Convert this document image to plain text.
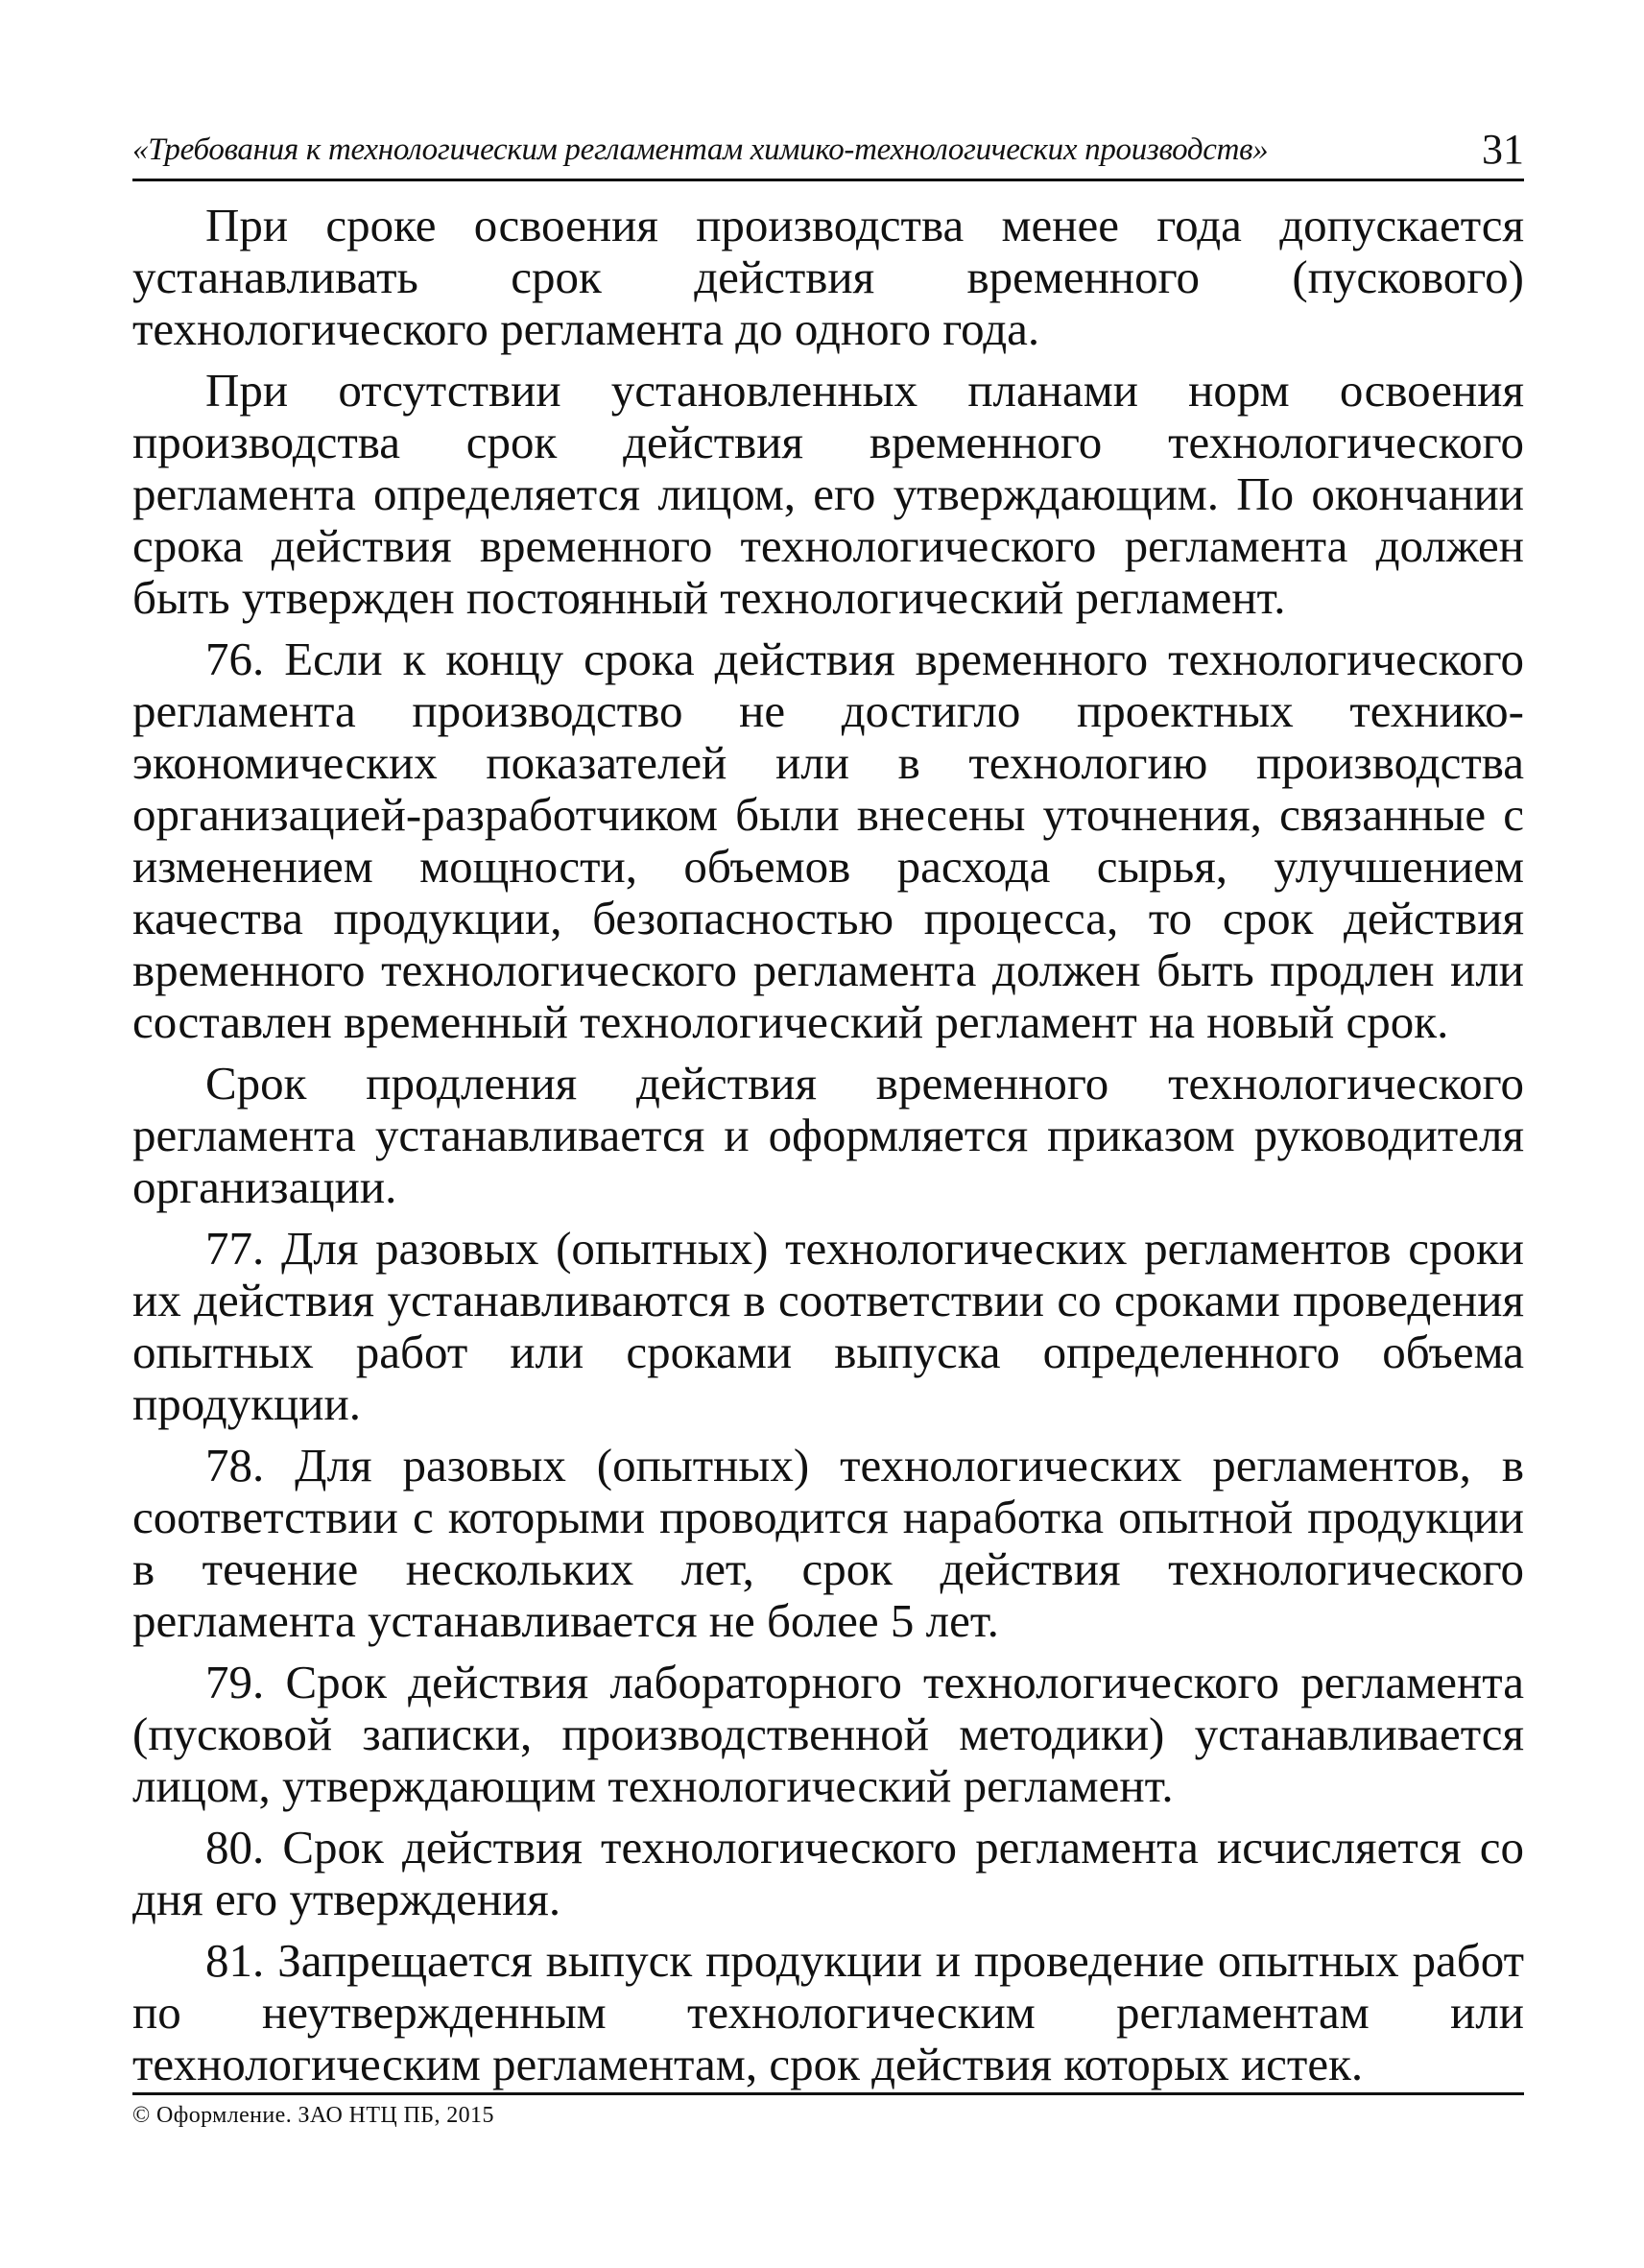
«Требования к технологическим регламентам химико-технологических производств»	31

При сроке освоения производства менее года допускается устанавливать срок действия временного (пускового) технологического регламента до одного года.

При отсутствии установленных планами норм освоения производства срок действия временного технологического регламента определяется лицом, его утверждающим. По окончании срока действия временного технологического регламента должен быть утвержден постоянный технологический регламент.

76. Если к концу срока действия временного технологического регламента производство не достигло проектных технико-экономических показателей или в технологию производства организацией-разработчиком были внесены уточнения, связанные с изменением мощности, объемов расхода сырья, улучшением качества продукции, безопасностью процесса, то срок действия временного технологического регламента должен быть продлен или составлен временный технологический регламент на новый срок.

Срок продления действия временного технологического регламента устанавливается и оформляется приказом руководителя организации.

77. Для разовых (опытных) технологических регламентов сроки их действия устанавливаются в соответствии со сроками проведения опытных работ или сроками выпуска определенного объема продукции.

78. Для разовых (опытных) технологических регламентов, в соответствии с которыми проводится наработка опытной продукции в течение нескольких лет, срок действия технологического регламента устанавливается не более 5 лет.

79. Срок действия лабораторного технологического регламента (пусковой записки, производственной методики) устанавливается лицом, утверждающим технологический регламент.

80. Срок действия технологического регламента исчисляется со дня его утверждения.

81. Запрещается выпуск продукции и проведение опытных работ по неутвержденным технологическим регламентам или технологическим регламентам, срок действия которых истек.

© Оформление. ЗАО НТЦ ПБ, 2015
